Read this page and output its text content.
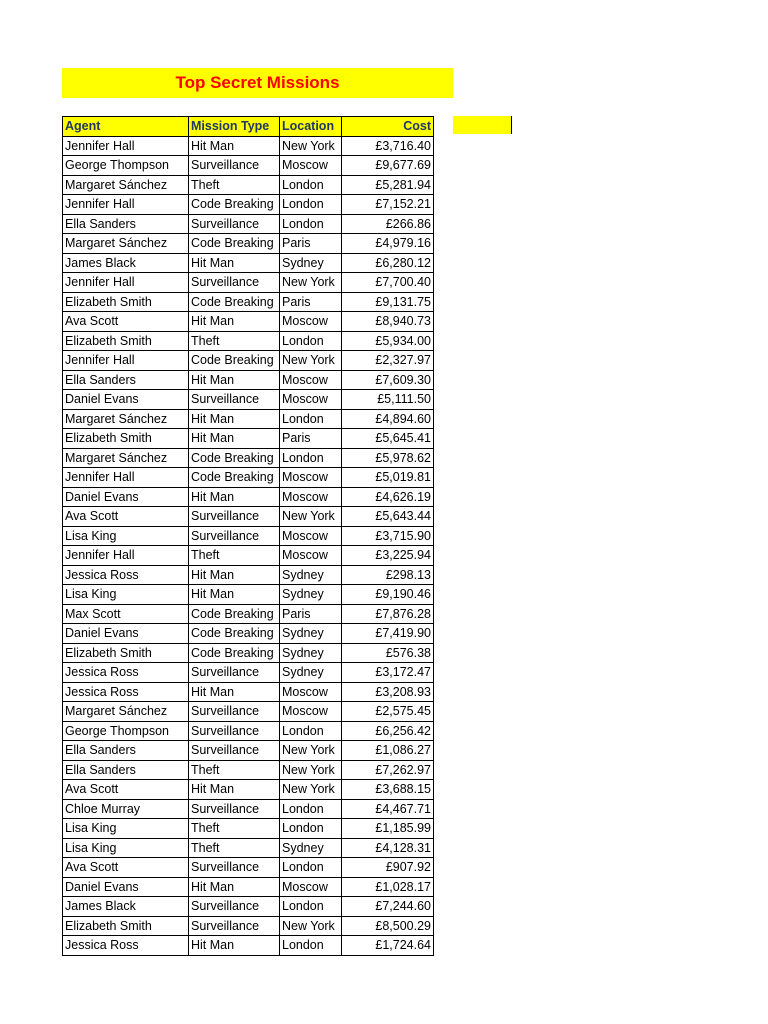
Top Secret Missions
Agent	Mission Type	Location	Cost
Jennifer Hall	Hit Man	New York	£3,716.40
George Thompson	Surveillance	Moscow	£9,677.69
Margaret Sánchez	Theft	London	£5,281.94
Jennifer Hall	Code Breaking	London	£7,152.21
Ella Sanders	Surveillance	London	£266.86
Margaret Sánchez	Code Breaking	Paris	£4,979.16
James Black	Hit Man	Sydney	£6,280.12
Jennifer Hall	Surveillance	New York	£7,700.40
Elizabeth Smith	Code Breaking	Paris	£9,131.75
Ava Scott	Hit Man	Moscow	£8,940.73
Elizabeth Smith	Theft	London	£5,934.00
Jennifer Hall	Code Breaking	New York	£2,327.97
Ella Sanders	Hit Man	Moscow	£7,609.30
Daniel Evans	Surveillance	Moscow	£5,111.50
Margaret Sánchez	Hit Man	London	£4,894.60
Elizabeth Smith	Hit Man	Paris	£5,645.41
Margaret Sánchez	Code Breaking	London	£5,978.62
Jennifer Hall	Code Breaking	Moscow	£5,019.81
Daniel Evans	Hit Man	Moscow	£4,626.19
Ava Scott	Surveillance	New York	£5,643.44
Lisa King	Surveillance	Moscow	£3,715.90
Jennifer Hall	Theft	Moscow	£3,225.94
Jessica Ross	Hit Man	Sydney	£298.13
Lisa King	Hit Man	Sydney	£9,190.46
Max Scott	Code Breaking	Paris	£7,876.28
Daniel Evans	Code Breaking	Sydney	£7,419.90
Elizabeth Smith	Code Breaking	Sydney	£576.38
Jessica Ross	Surveillance	Sydney	£3,172.47
Jessica Ross	Hit Man	Moscow	£3,208.93
Margaret Sánchez	Surveillance	Moscow	£2,575.45
George Thompson	Surveillance	London	£6,256.42
Ella Sanders	Surveillance	New York	£1,086.27
Ella Sanders	Theft	New York	£7,262.97
Ava Scott	Hit Man	New York	£3,688.15
Chloe Murray	Surveillance	London	£4,467.71
Lisa King	Theft	London	£1,185.99
Lisa King	Theft	Sydney	£4,128.31
Ava Scott	Surveillance	London	£907.92
Daniel Evans	Hit Man	Moscow	£1,028.17
James Black	Surveillance	London	£7,244.60
Elizabeth Smith	Surveillance	New York	£8,500.29
Jessica Ross	Hit Man	London	£1,724.64
